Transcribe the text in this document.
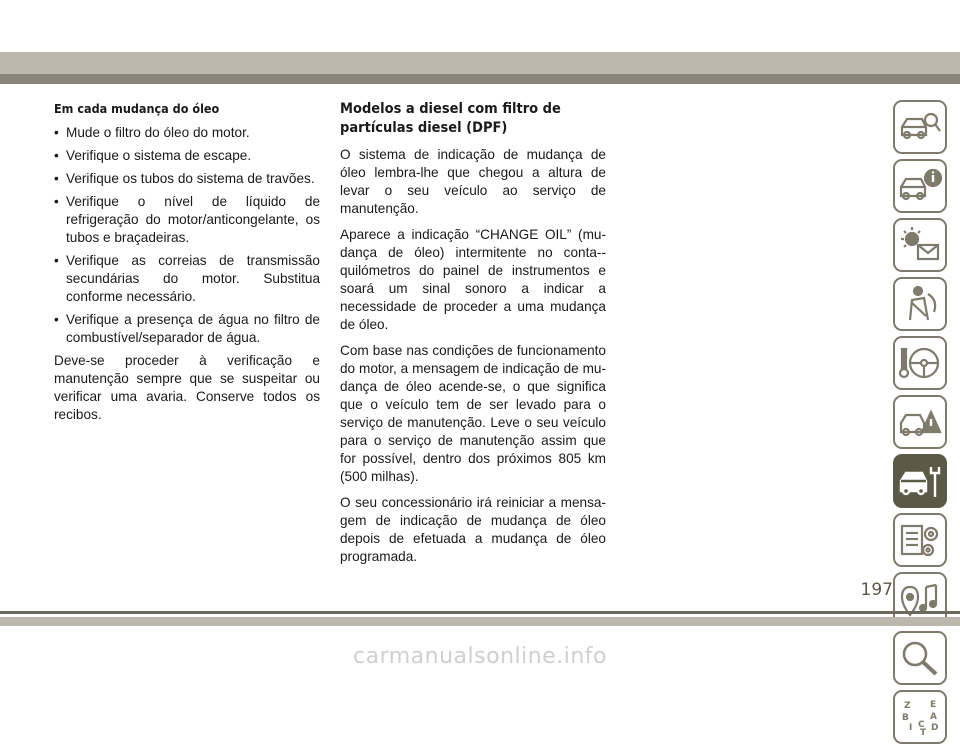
Em cada mudança do óleo
• Mude o filtro do óleo do motor.
• Verifique o sistema de escape.
• Verifique os tubos do sistema de travões.
• Verifique o nível de líquido de refrigeração do motor/anticongelante, os tubos e braçadeiras.
• Verifique as correias de transmissão secundárias do motor. Substitua conforme necessário.
• Verifique a presença de água no filtro de combustível/separador de água.

Deve-se proceder à verificação e manutenção sempre que se suspeitar ou verificar uma avaria. Conserve todos os recibos.

Modelos a diesel com filtro de partículas diesel (DPF)

O sistema de indicação de mudança de óleo lembra-lhe que chegou a altura de levar o seu veículo ao serviço de manutenção.

Aparece a indicação “CHANGE OIL” (mudança de óleo) intermitente no conta--quilómetros do painel de instrumentos e soará um sinal sonoro a indicar a necessidade de proceder a uma mudança de óleo.

Com base nas condições de funcionamento do motor, a mensagem de indicação de mudança de óleo acende-se, o que significa que o veículo tem de ser levado para o serviço de manutenção. Leve o seu veículo para o serviço de manutenção assim que for possível, dentro dos próximos 805 km (500 milhas).

O seu concessionário irá reiniciar a mensagem de indicação de mudança de óleo depois de efetuada a mudança de óleo programada.

Z E
B A
C D
I T
197
carmanualsonline.info
